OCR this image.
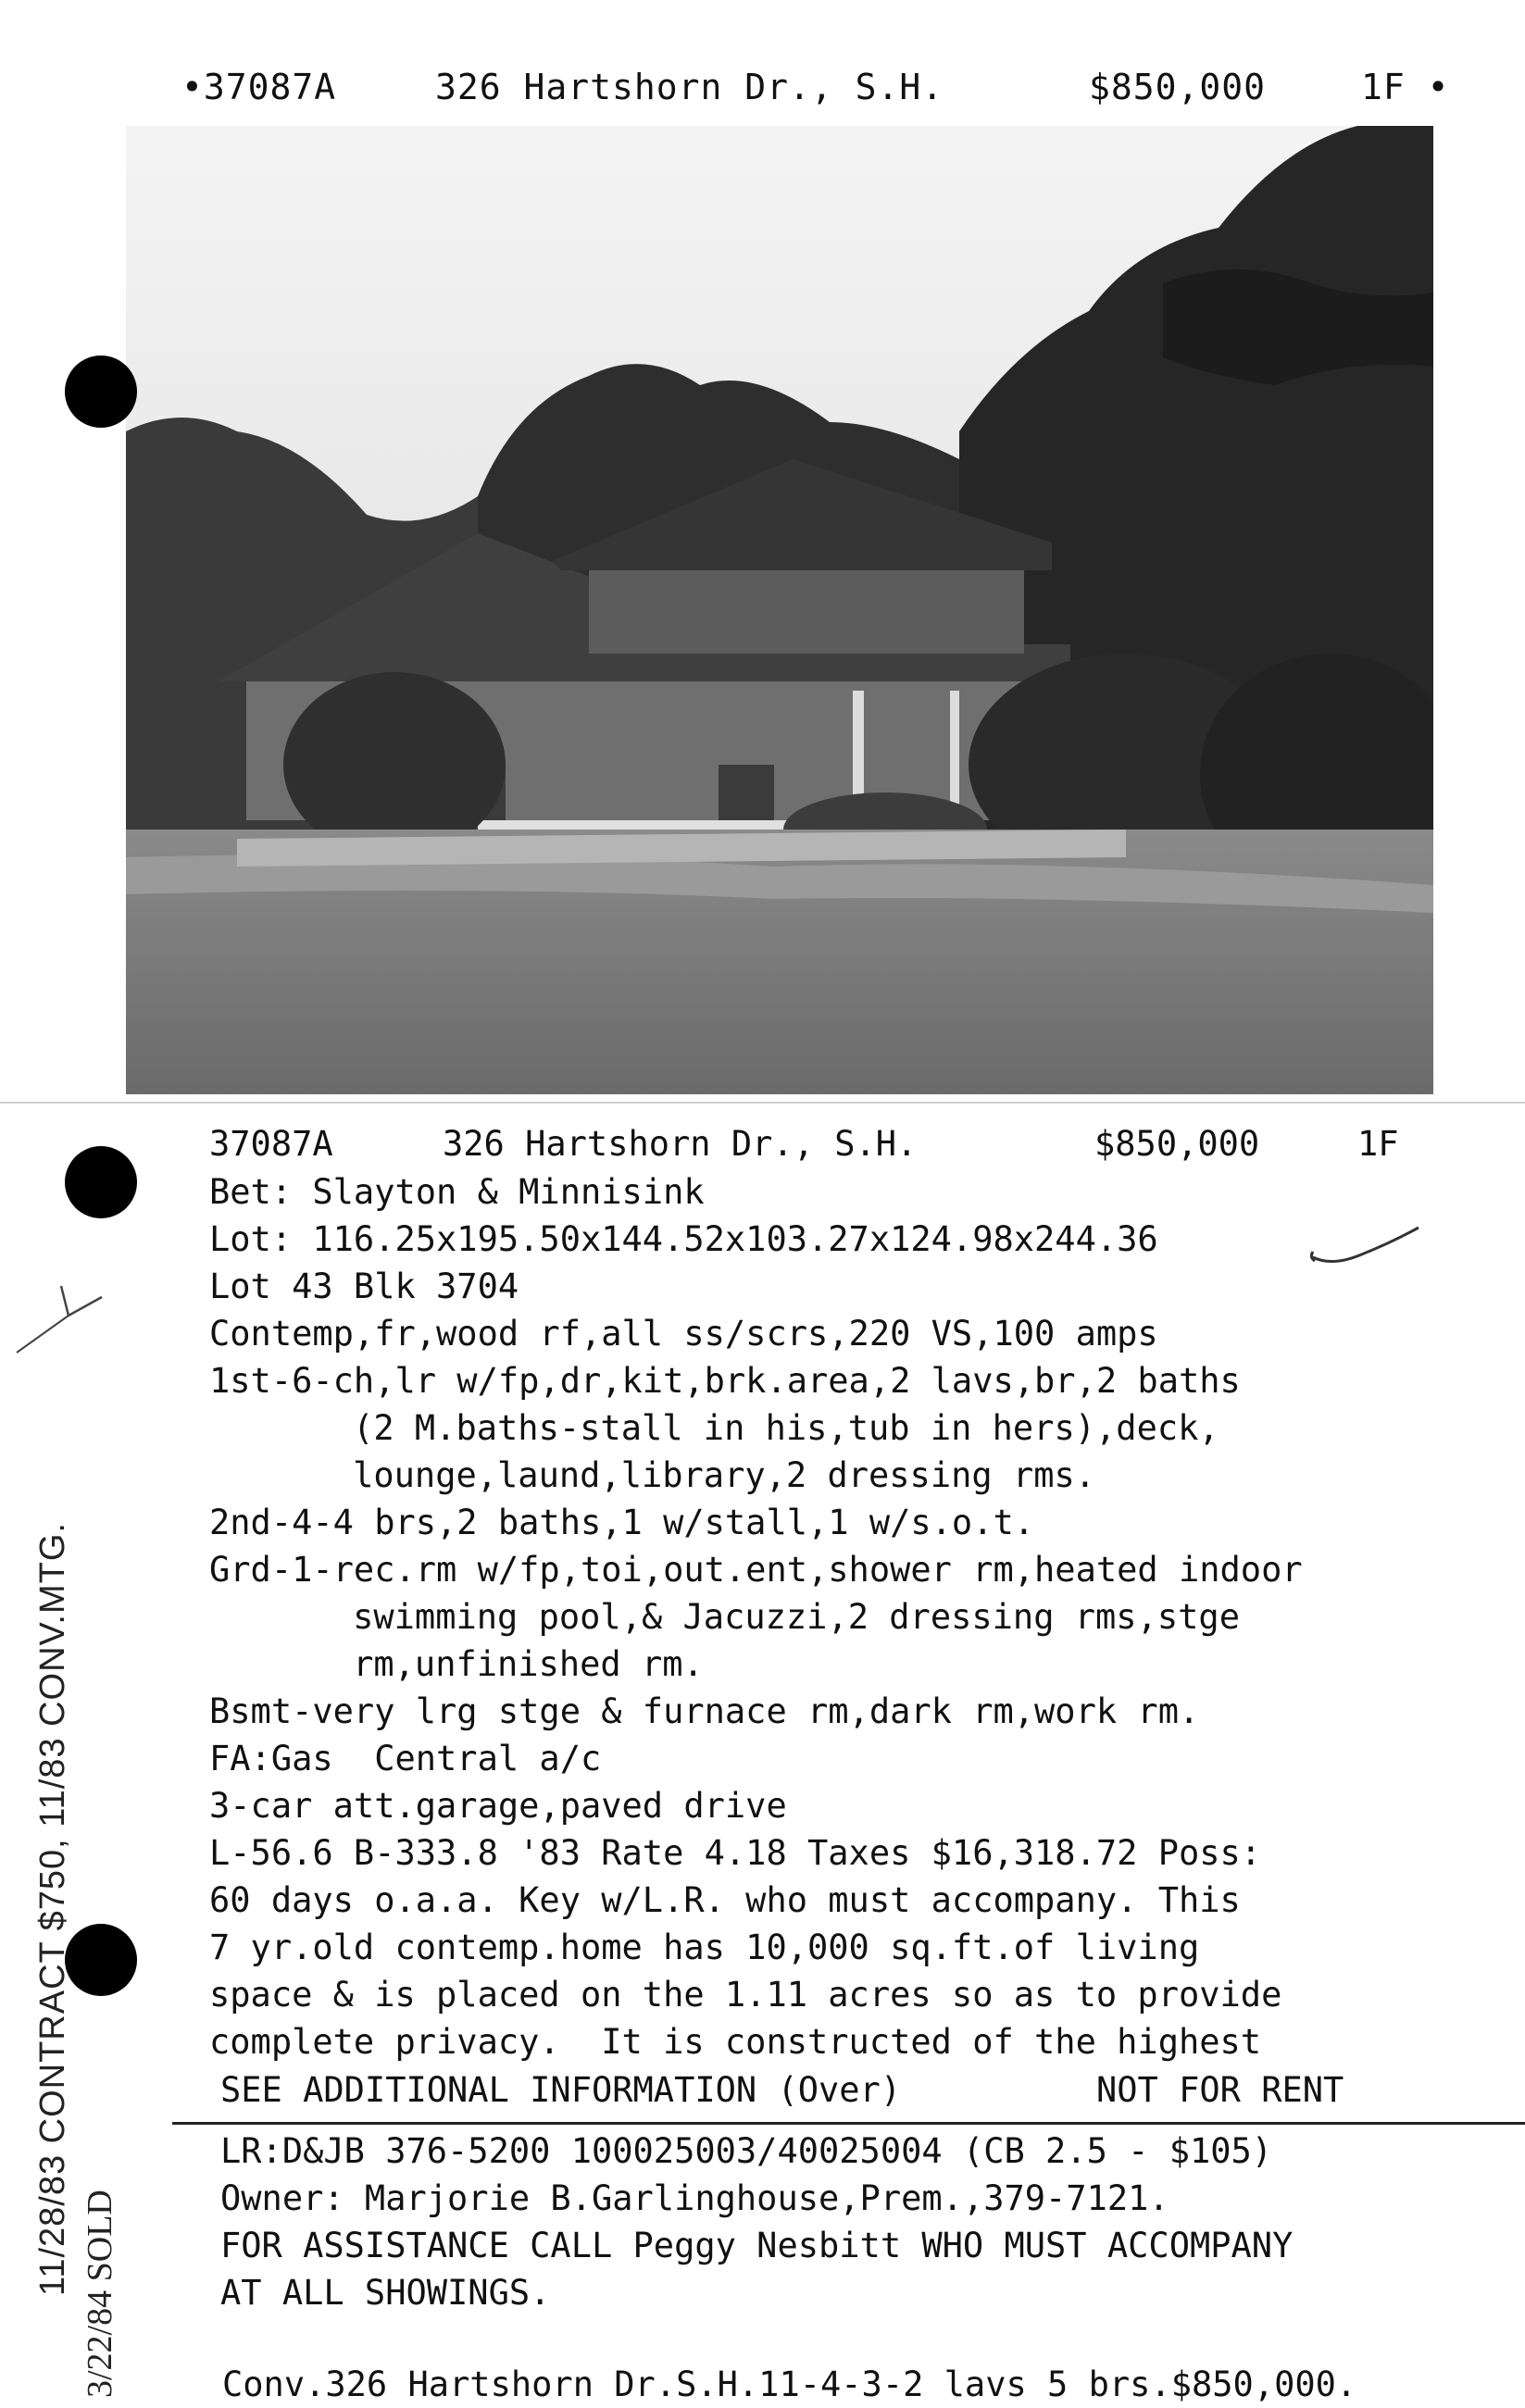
•37087A	326 Hartshorn Dr., S.H.	$850,000	1F •
37087A	326 Hartshorn Dr., S.H.	$850,000	1F
Bet: Slayton & Minnisink
Lot: 116.25x195.50x144.52x103.27x124.98x244.36
Lot 43 Blk 3704
Contemp,fr,wood rf,all ss/scrs,220 VS,100 amps
1st-6-ch,lr w/fp,dr,kit,brk.area,2 lavs,br,2 baths
(2 M.baths-stall in his,tub in hers),deck,
lounge,laund,library,2 dressing rms.
2nd-4-4 brs,2 baths,1 w/stall,1 w/s.o.t.
Grd-1-rec.rm w/fp,toi,out.ent,shower rm,heated indoor
swimming pool,& Jacuzzi,2 dressing rms,stge
rm,unfinished rm.
Bsmt-very lrg stge & furnace rm,dark rm,work rm.
FA:Gas  Central a/c
3-car att.garage,paved drive
L-56.6 B-333.8 '83 Rate 4.18 Taxes $16,318.72 Poss:
60 days o.a.a. Key w/L.R. who must accompany. This
7 yr.old contemp.home has 10,000 sq.ft.of living
space & is placed on the 1.11 acres so as to provide
complete privacy.  It is constructed of the highest
SEE ADDITIONAL INFORMATION (Over)	NOT FOR RENT
LR:D&JB 376-5200 100025003/40025004 (CB 2.5 - $105)
Owner: Marjorie B.Garlinghouse,Prem.,379-7121.
FOR ASSISTANCE CALL Peggy Nesbitt WHO MUST ACCOMPANY
AT ALL SHOWINGS.
Conv.326 Hartshorn Dr.S.H.11-4-3-2 lavs 5 brs.$850,000.
11/28/83 CONTRACT $750, 11/83 CONV.MTG. 3/22/84 SOLD
